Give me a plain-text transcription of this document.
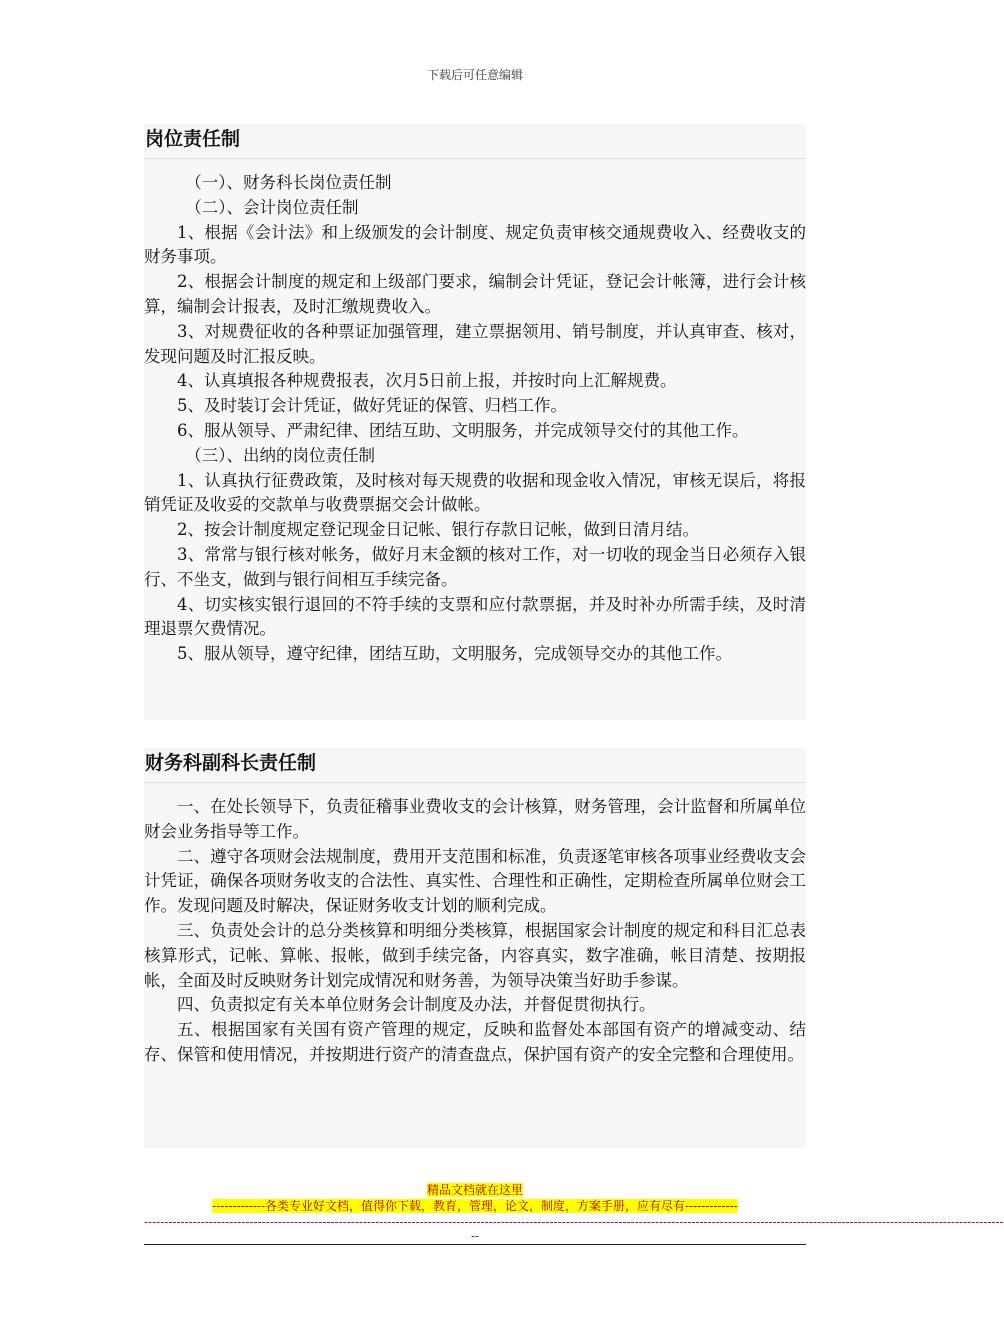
下载后可任意编辑
岗位责任制

（一）、财务科长岗位责任制

（二）、会计岗位责任制

1、根据《会计法》和上级颁发的会计制度、规定负责审核交通规费收入、经费收支的财务事项。

2、根据会计制度的规定和上级部门要求，编制会计凭证，登记会计帐簿，进行会计核算，编制会计报表，及时汇缴规费收入。

3、对规费征收的各种票证加强管理，建立票据领用、销号制度，并认真审查、核对，发现问题及时汇报反映。

4、认真填报各种规费报表，次月5日前上报，并按时向上汇解规费。

5、及时装订会计凭证，做好凭证的保管、归档工作。

6、服从领导、严肃纪律、团结互助、文明服务，并完成领导交付的其他工作。

（三）、出纳的岗位责任制

1、认真执行征费政策，及时核对每天规费的收据和现金收入情况，审核无误后，将报销凭证及收妥的交款单与收费票据交会计做帐。

2、按会计制度规定登记现金日记帐、银行存款日记帐，做到日清月结。

3、常常与银行核对帐务，做好月末金额的核对工作，对一切收的现金当日必须存入银行、不坐支，做到与银行间相互手续完备。

4、切实核实银行退回的不符手续的支票和应付款票据，并及时补办所需手续，及时清理退票欠费情况。

5、服从领导，遵守纪律，团结互助，文明服务，完成领导交办的其他工作。

财务科副科长责任制

一、在处长领导下，负责征稽事业费收支的会计核算，财务管理，会计监督和所属单位财会业务指导等工作。

二、遵守各项财会法规制度，费用开支范围和标准，负责逐笔审核各项事业经费收支会计凭证，确保各项财务收支的合法性、真实性、合理性和正确性，定期检查所属单位财会工作。发现问题及时解决，保证财务收支计划的顺利完成。

三、负责处会计的总分类核算和明细分类核算，根据国家会计制度的规定和科目汇总表核算形式，记帐、算帐、报帐，做到手续完备，内容真实，数字准确，帐目清楚、按期报帐，全面及时反映财务计划完成情况和财务善，为领导决策当好助手参谋。

四、负责拟定有关本单位财务会计制度及办法，并督促贯彻执行。

五、根据国家有关国有资产管理的规定，反映和监督处本部国有资产的增减变动、结存、保管和使用情况，并按期进行资产的清查盘点，保护国有资产的安全完整和合理使用。

精品文档就在这里
-------------各类专业好文档，值得你下载，教育，管理，论文，制度，方案手册，应有尽有-------------
--------------------------------------------------------------------------------------------------------------------------------------------------------------------------------------------------------------------
--
